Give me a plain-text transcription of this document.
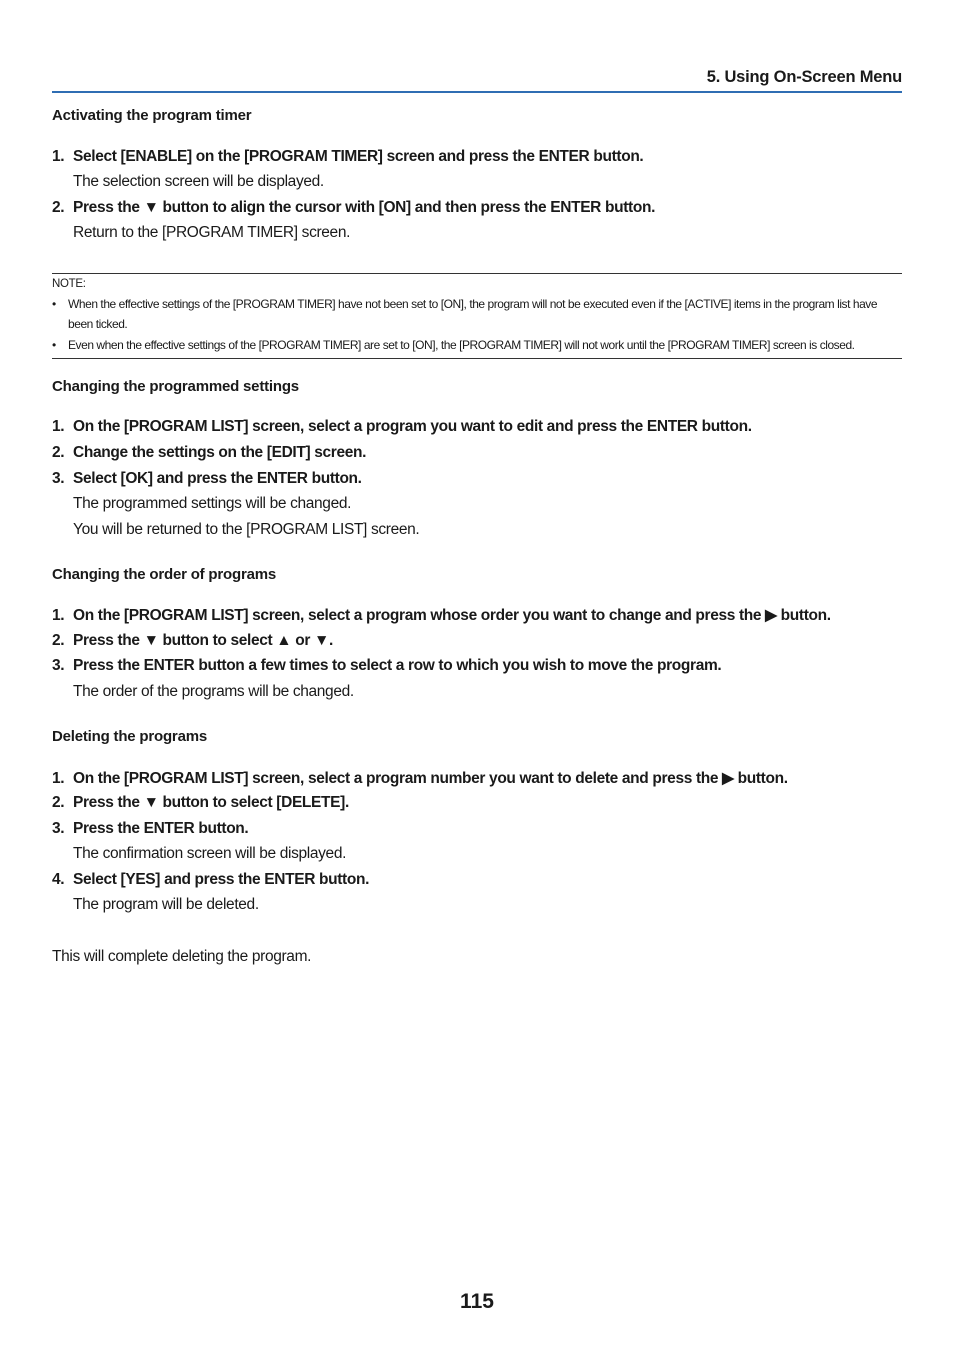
5. Using On-Screen Menu
Activating the program timer
1. Select [ENABLE] on the [PROGRAM TIMER] screen and press the ENTER button.
The selection screen will be displayed.
2. Press the ▼ button to align the cursor with [ON] and then press the ENTER button.
Return to the [PROGRAM TIMER] screen.
NOTE:
• When the effective settings of the [PROGRAM TIMER] have not been set to [ON], the program will not be executed even if the [ACTIVE] items in the program list have been ticked.
• Even when the effective settings of the [PROGRAM TIMER] are set to [ON], the [PROGRAM TIMER] will not work until the [PROGRAM TIMER] screen is closed.
Changing the programmed settings
1. On the [PROGRAM LIST] screen, select a program you want to edit and press the ENTER button.
2. Change the settings on the [EDIT] screen.
3. Select [OK] and press the ENTER button.
The programmed settings will be changed.
You will be returned to the [PROGRAM LIST] screen.
Changing the order of programs
1. On the [PROGRAM LIST] screen, select a program whose order you want to change and press the ▶ button.
2. Press the ▼ button to select ▲ or ▼.
3. Press the ENTER button a few times to select a row to which you wish to move the program.
The order of the programs will be changed.
Deleting the programs
1. On the [PROGRAM LIST] screen, select a program number you want to delete and press the ▶ button.
2. Press the ▼ button to select [DELETE].
3. Press the ENTER button.
The confirmation screen will be displayed.
4. Select [YES] and press the ENTER button.
The program will be deleted.
This will complete deleting the program.
115
